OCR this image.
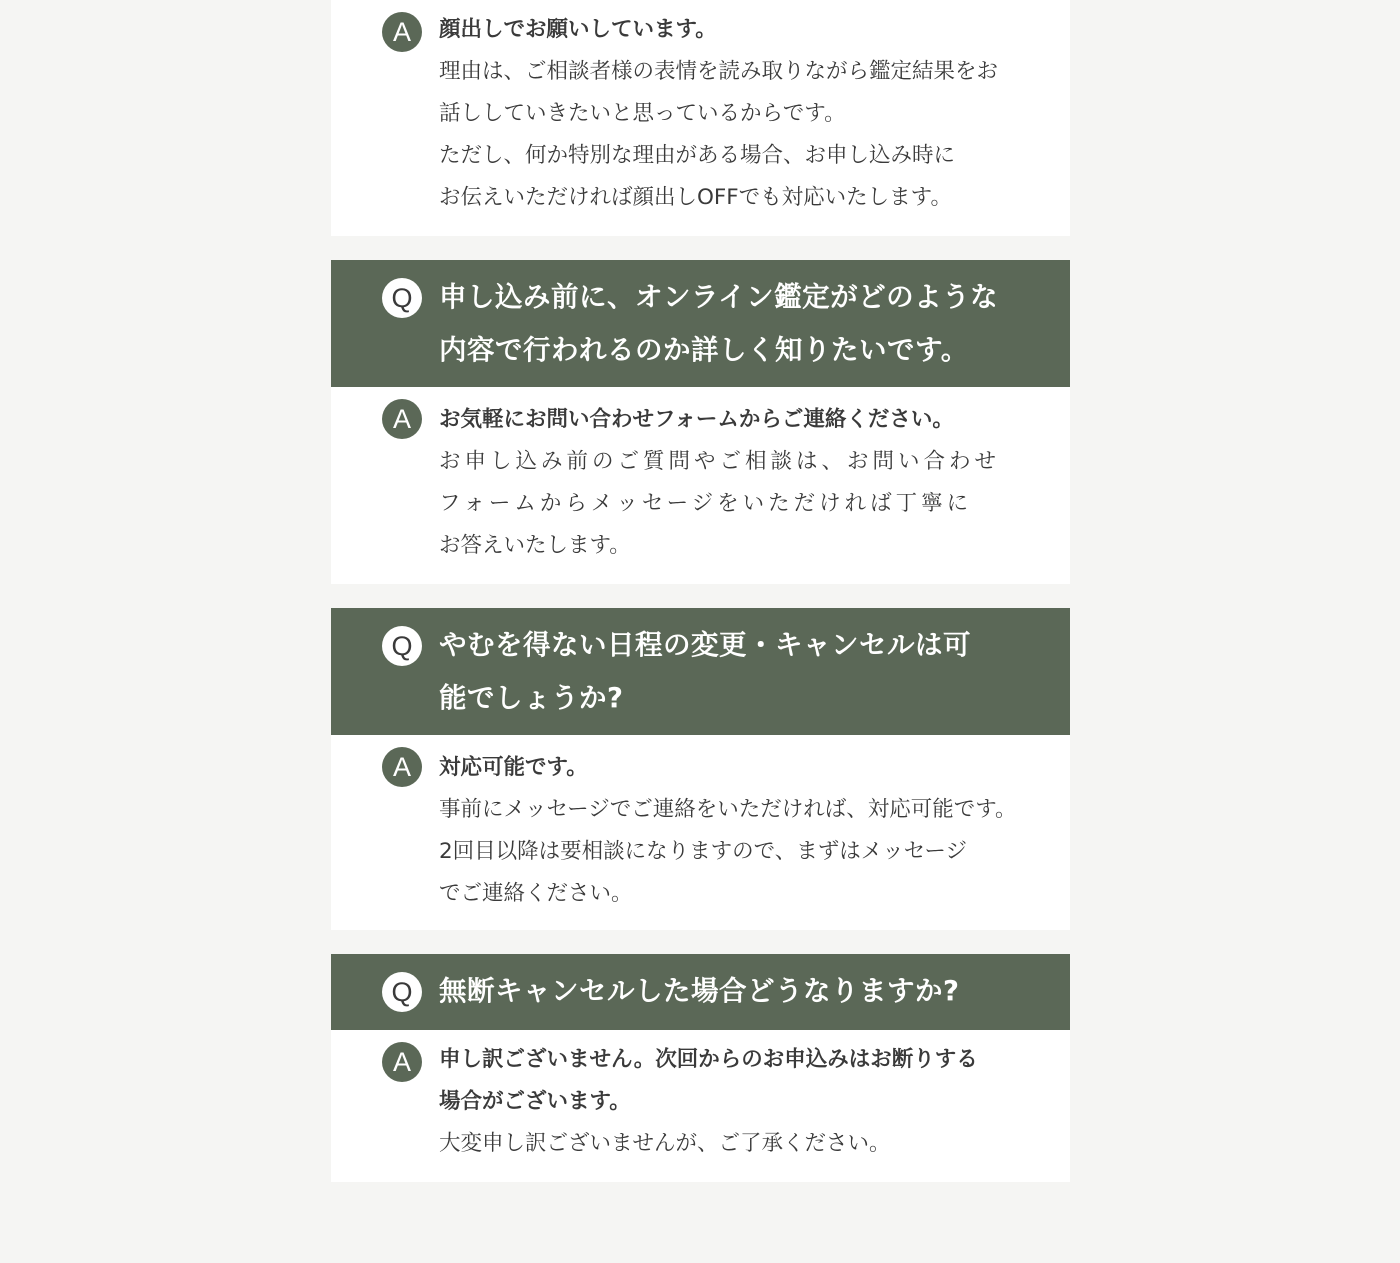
A	顔出しでお願いしています。
理由は、ご相談者様の表情を読み取りながら鑑定結果をお
話ししていきたいと思っているからです。
ただし、何か特別な理由がある場合、お申し込み時に
お伝えいただければ顔出しOFFでも対応いたします。
Q 申し込み前に、オンライン鑑定がどのような
内容で行われるのか詳しく知りたいです。
A	お気軽にお問い合わせフォームからご連絡ください。
お申し込み前のご質問やご相談は、お問い合わせ
フォームからメッセージをいただければ丁寧に
お答えいたします。
Q やむを得ない日程の変更・キャンセルは可
能でしょうか?
A	対応可能です。
事前にメッセージでご連絡をいただければ、対応可能です。
2回目以降は要相談になりますので、まずはメッセージ
でご連絡ください。
Q 無断キャンセルした場合どうなりますか?
A	申し訳ございません。次回からのお申込みはお断りする
場合がございます。
大変申し訳ございませんが、ご了承ください。
